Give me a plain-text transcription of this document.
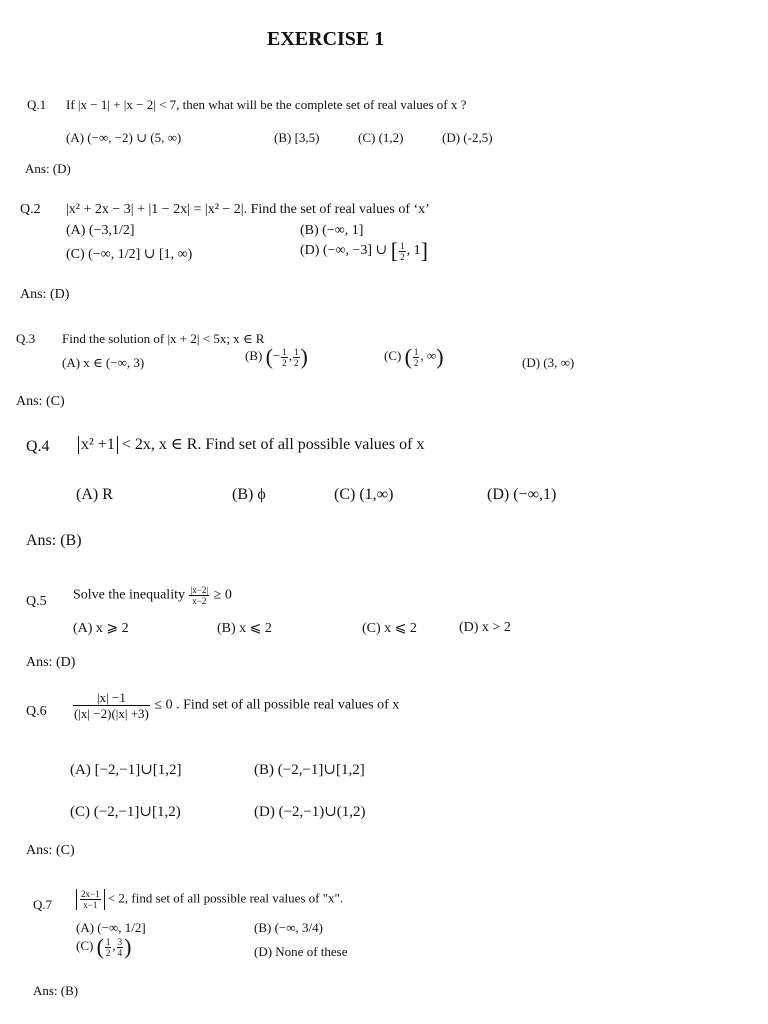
EXERCISE 1
Q.1 If |x − 1| + |x − 2| < 7, then what will be the complete set of real values of x ?
(A) (−∞, −2) ∪ (5, ∞)	(B) [3,5)	(C) (1,2)	(D) (-2,5)
Ans: (D)
Q.2 |x² + 2x − 3| + |1 − 2x| = |x² − 2|. Find the set of real values of ‘x’
(A) (−3,1/2]	(B) (−∞, 1]
(C) (−∞, 1/2] ∪ [1, ∞)	(D) (−∞, −3] ∪ [ $\frac{1}{2}$ , 1]
Ans: (D)
Q.3 Find the solution of |x + 2| < 5x; x ∈ R
(A) x ∈ (−∞, 3)	(B) (− $\frac{1}{2}$ , $\frac{1}{2}$ )	(C) ( $\frac{1}{2}$ , ∞)	(D) (3, ∞)
Ans: (C)
Q.4 x² +1 < 2x, x ∈ R. Find set of all possible values of x
(A) R	(B) ϕ	(C) (1,∞)	(D) (−∞,1)
Ans: (B)
Q.5 Solve the inequality $\frac{|x-2|}{x-2} \ge 0$
(A) x ⩾ 2	(B) x ⩽ 2	(C) x ⩽ 2	(D) x > 2
Ans: (D)
$Q.6 \frac{|x| -1}{(|x| -2)(|x| +3)} \le 0$ . Find set of all possible real values of x
(A) [−2,−1]∪[1,2]	(B) (−2,−1]∪[1,2]
(C) (−2,−1]∪[1,2)	(D) (−2,−1)∪(1,2)
Ans: (C)
Q.7	$\frac{2x-1}{x-1} < 2$, find set of all possible real values of "x".
(A) (−∞, 1/2]	(B) (−∞, 3/4)
(C) ( $\frac{1}{2}$ , $\frac{3}{4}$ )	(D) None of these
Ans: (B)
